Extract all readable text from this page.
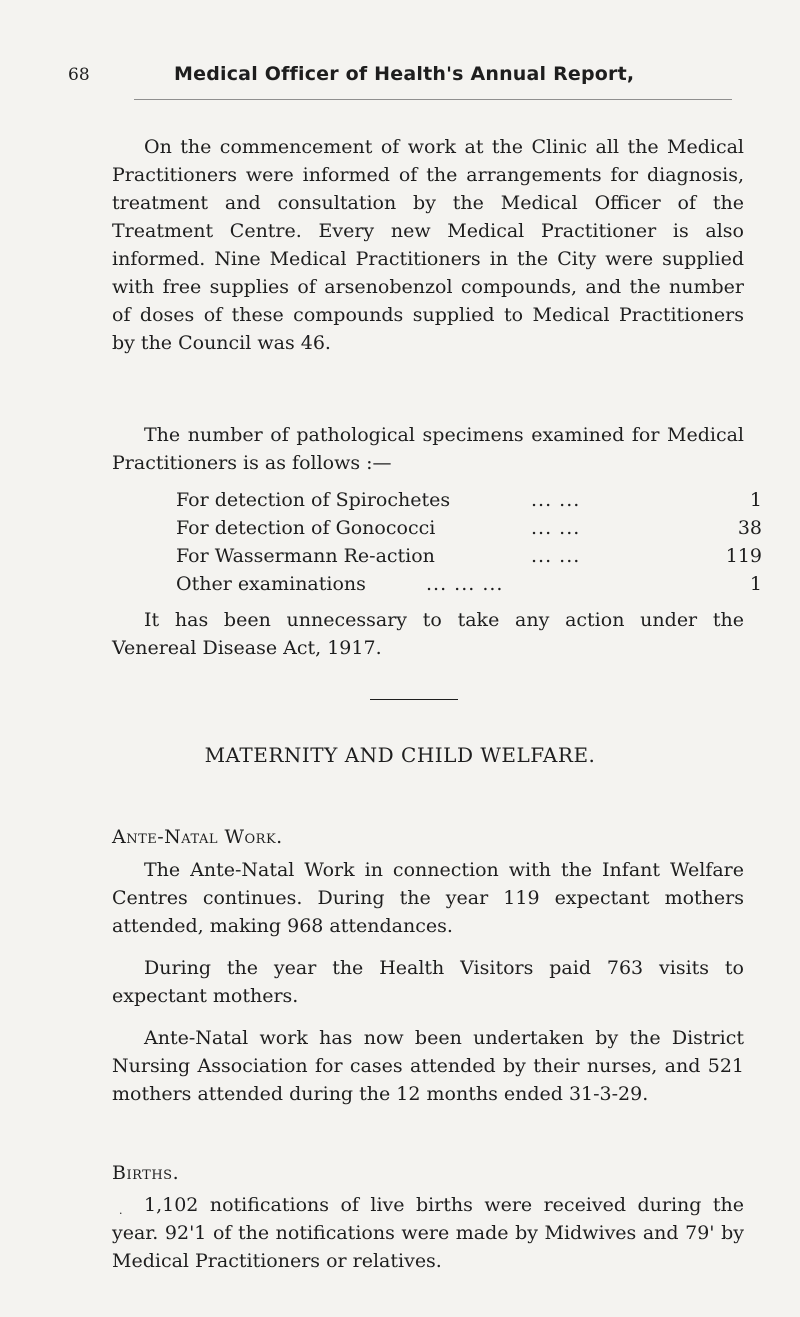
68	Medical Officer of Health's Annual Report,

On the commencement of work at the Clinic all the Medical Practitioners were informed of the arrangements for diagnosis, treatment and consultation by the Medical Officer of the Treatment Centre. Every new Medical Practitioner is also informed. Nine Medical Practitioners in the City were supplied with free supplies of arsenobenzol compounds, and the number of doses of these compounds supplied to Medical Practitioners by the Council was 46.

The number of pathological specimens examined for Medical Practitioners is as follows :—

For detection of Spirochetes	... ...	1
For detection of Gonococci	... ...	38
For Wassermann Re-action	... ...	119
Other examinations	... ... ...	1

It has been unnecessary to take any action under the Venereal Disease Act, 1917.

MATERNITY AND CHILD WELFARE.
Ante-Natal Work.

The Ante-Natal Work in connection with the Infant Welfare Centres continues. During the year 119 expectant mothers attended, making 968 attendances.

During the year the Health Visitors paid 763 visits to expectant mothers.

Ante-Natal work has now been undertaken by the District Nursing Association for cases attended by their nurses, and 521 mothers attended during the 12 months ended 31-3-29.

Births.
·	1,102 notifications of live births were received during the year. 92'1 of the notifications were made by Midwives and 79' by Medical Practitioners or relatives.
